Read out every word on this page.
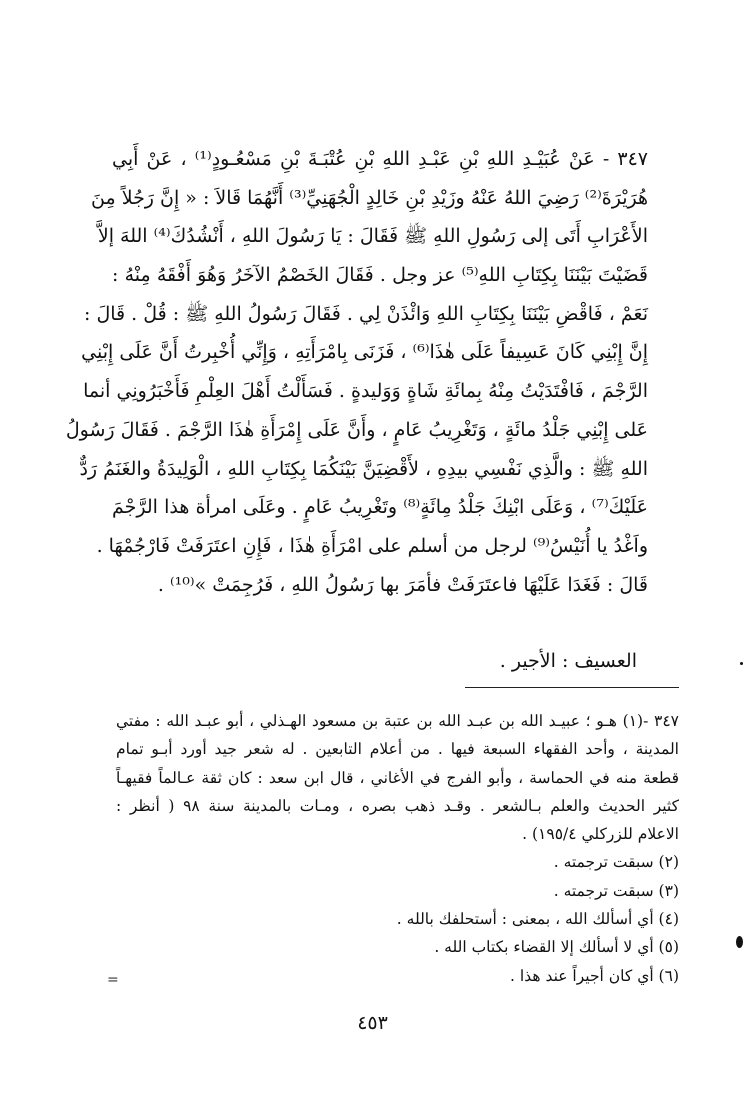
٣٤٧ - عَنْ عُبَيْـدِ اللهِ بْنِ عَبْـدِ اللهِ بْنِ عُتْبَـةَ بْنِ مَسْعُـودٍ⁽¹⁾ ، عَنْ أَبِي
هُرَيْرَةَ⁽²⁾ رَضِيَ اللهُ عَنْهُ وزَيْدِ بْنِ خَالِدٍ الْجُهَنِيِّ⁽³⁾ أَنَّهُمَا قَالاَ : « إِنَّ رَجُلاً مِنَ
الأَعْرَابِ أَتَى إلى رَسُولِ اللهِ ﷺ فَقَالَ : يَا رَسُولَ اللهِ ، أَنْشُدُكَ⁽⁴⁾ اللهَ إلاَّ
قَضَيْتَ بَيْنَنَا بِكِتَابِ اللهِ⁽⁵⁾ عز وجل . فَقَالَ الخَصْمُ الآخَرُ وَهُوَ أَفْقَهُ مِنْهُ :
نَعَمْ ، فَاقْضِ بَيْنَنَا بِكِتَابِ اللهِ وَائْذَنْ لِي . فَقَالَ رَسُولُ اللهِ ﷺ : قُلْ . قَالَ :
إِنَّ إِبْنِي كَانَ عَسِيفاً عَلَى هٰذَا⁽⁶⁾ ، فَزَنَى بِامْرَأَتِهِ ، وَإِنِّي أُخْبِرتُ أَنَّ عَلَى إِبْنِي
الرَّجْمَ ، فَافْتَدَيْتُ مِنْهُ بِمائَةِ شَاةٍ وَوَليدةٍ . فَسَأَلْتُ أَهْلَ العِلْمِ فَأَخْبَرُونِي أنما
عَلى إِبْنِي جَلْدُ مائَةٍ ، وَتَغْرِيبُ عَامٍ ، وأَنَّ عَلَى إِمْرَأَةِ هٰذَا الرَّجْمَ . فَقَالَ رَسُولُ
اللهِ ﷺ : والَّذِي نَفْسِي بيدِهِ ، لأَقْضِيَنَّ بَيْنَكُمَا بِكِتَابِ اللهِ ، الْوَلِيدَةُ والغَنَمُ رَدٌّ
عَلَيْكَ⁽⁷⁾ ، وَعَلَى ابْنِكَ جَلْدُ مِائَةٍ⁽⁸⁾ وتَغْرِيبُ عَامٍ . وعَلَى امرأة هذا الرَّجْمَ
واَغْدُ يا أُنَيْسُ⁽⁹⁾ لرجل من أسلم على امْرَأَةِ هٰذَا ، فَإِنِ اعتَرَفَتْ فَارْجُمْهَا .
قَالَ : فَغَدَا عَلَيْهَا فاعتَرَفَتْ فأمَرَ بها رَسُولُ اللهِ ، فَرُجِمَتْ »⁽¹⁰⁾ .
العسيف : الأجير .
٣٤٧ -(١) هـو ؛ عبيـد الله بن عبـد الله بن عتبة بن مسعود الهـذلي ، أبو عبـد الله : مفتي
المدينة ، وأحد الفقهاء السبعة فيها . من أعلام التابعين . له شعر جيد أورد أبـو تمام
قطعة منه في الحماسة ، وأبو الفرج في الأغاني ، قال ابن سعد : كان ثقة عـالماً فقيهـاً
كثير الحديث والعلم بـالشعر . وقـد ذهب بصره ، ومـات بالمدينة سنة ٩٨ ( أنظر :
الاعلام للزركلي ١٩٥/٤) .
(٢) سبقت ترجمته .
(٣) سبقت ترجمته .
(٤) أي أسألك الله ، بمعنى : أستحلفك بالله .
(٥) أي لا أسألك إلا القضاء بكتاب الله .
(٦) أي كان أجيراً عند هذا .
=
٤٥٣
